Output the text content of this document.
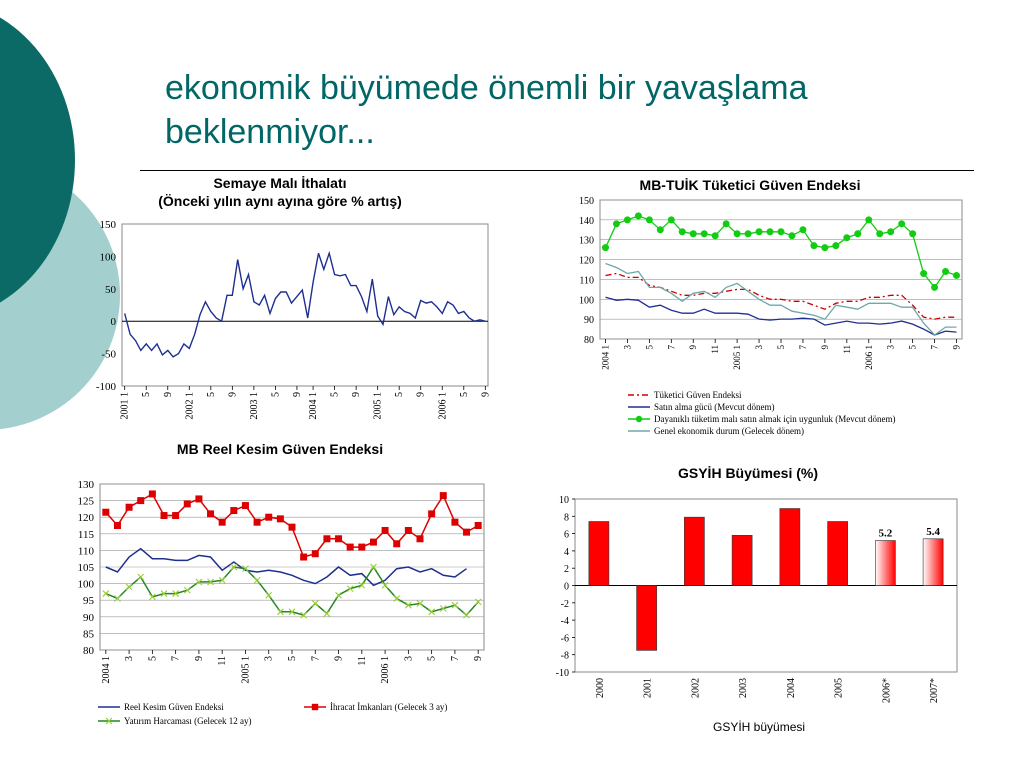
ekonomik büyümede önemli bir yavaşlama
beklenmiyor...
Semaye Malı İthalatı
(Önceki yılın aynı ayına göre % artış)
150
100
50
0
-50
-100
2001 1 5 9 2002 1 5 9 2003 1 5 9 2004 1 5 9 2005 1 5 9 2006 1 5 9
MB-TUİK Tüketici Güven Endeksi
150
140
130
120
110
100
90
80
2004 1 3 5 7 9 11 2005 1 3 5 7 9 11 2006 1 3 5 7 9
Tüketici Güven Endeksi
Satın alma gücü (Mevcut dönem)
Dayanıklı tüketim malı satın almak için uygunluk (Mevcut dönem)
Genel ekonomik durum (Gelecek dönem)
MB Reel Kesim Güven Endeksi
130
125
120
115
110
105
100
95
90
85
80
2004 1 3 5 7 9 11 2005 1 3 5 7 9 11 2006 1 3 5 7 9
Reel Kesim Güven Endeksi	İhracat İmkanları (Gelecek 3 ay)
Yatırım Harcaması (Gelecek 12 ay)
GSYİH Büyümesi (%)
10
8
6
4
2
0
-2
-4
-6
-8
-10
2000	2001	2002	2003	2004	2005
5.2
2006*
5.4
2007*
GSYİH büyümesi
